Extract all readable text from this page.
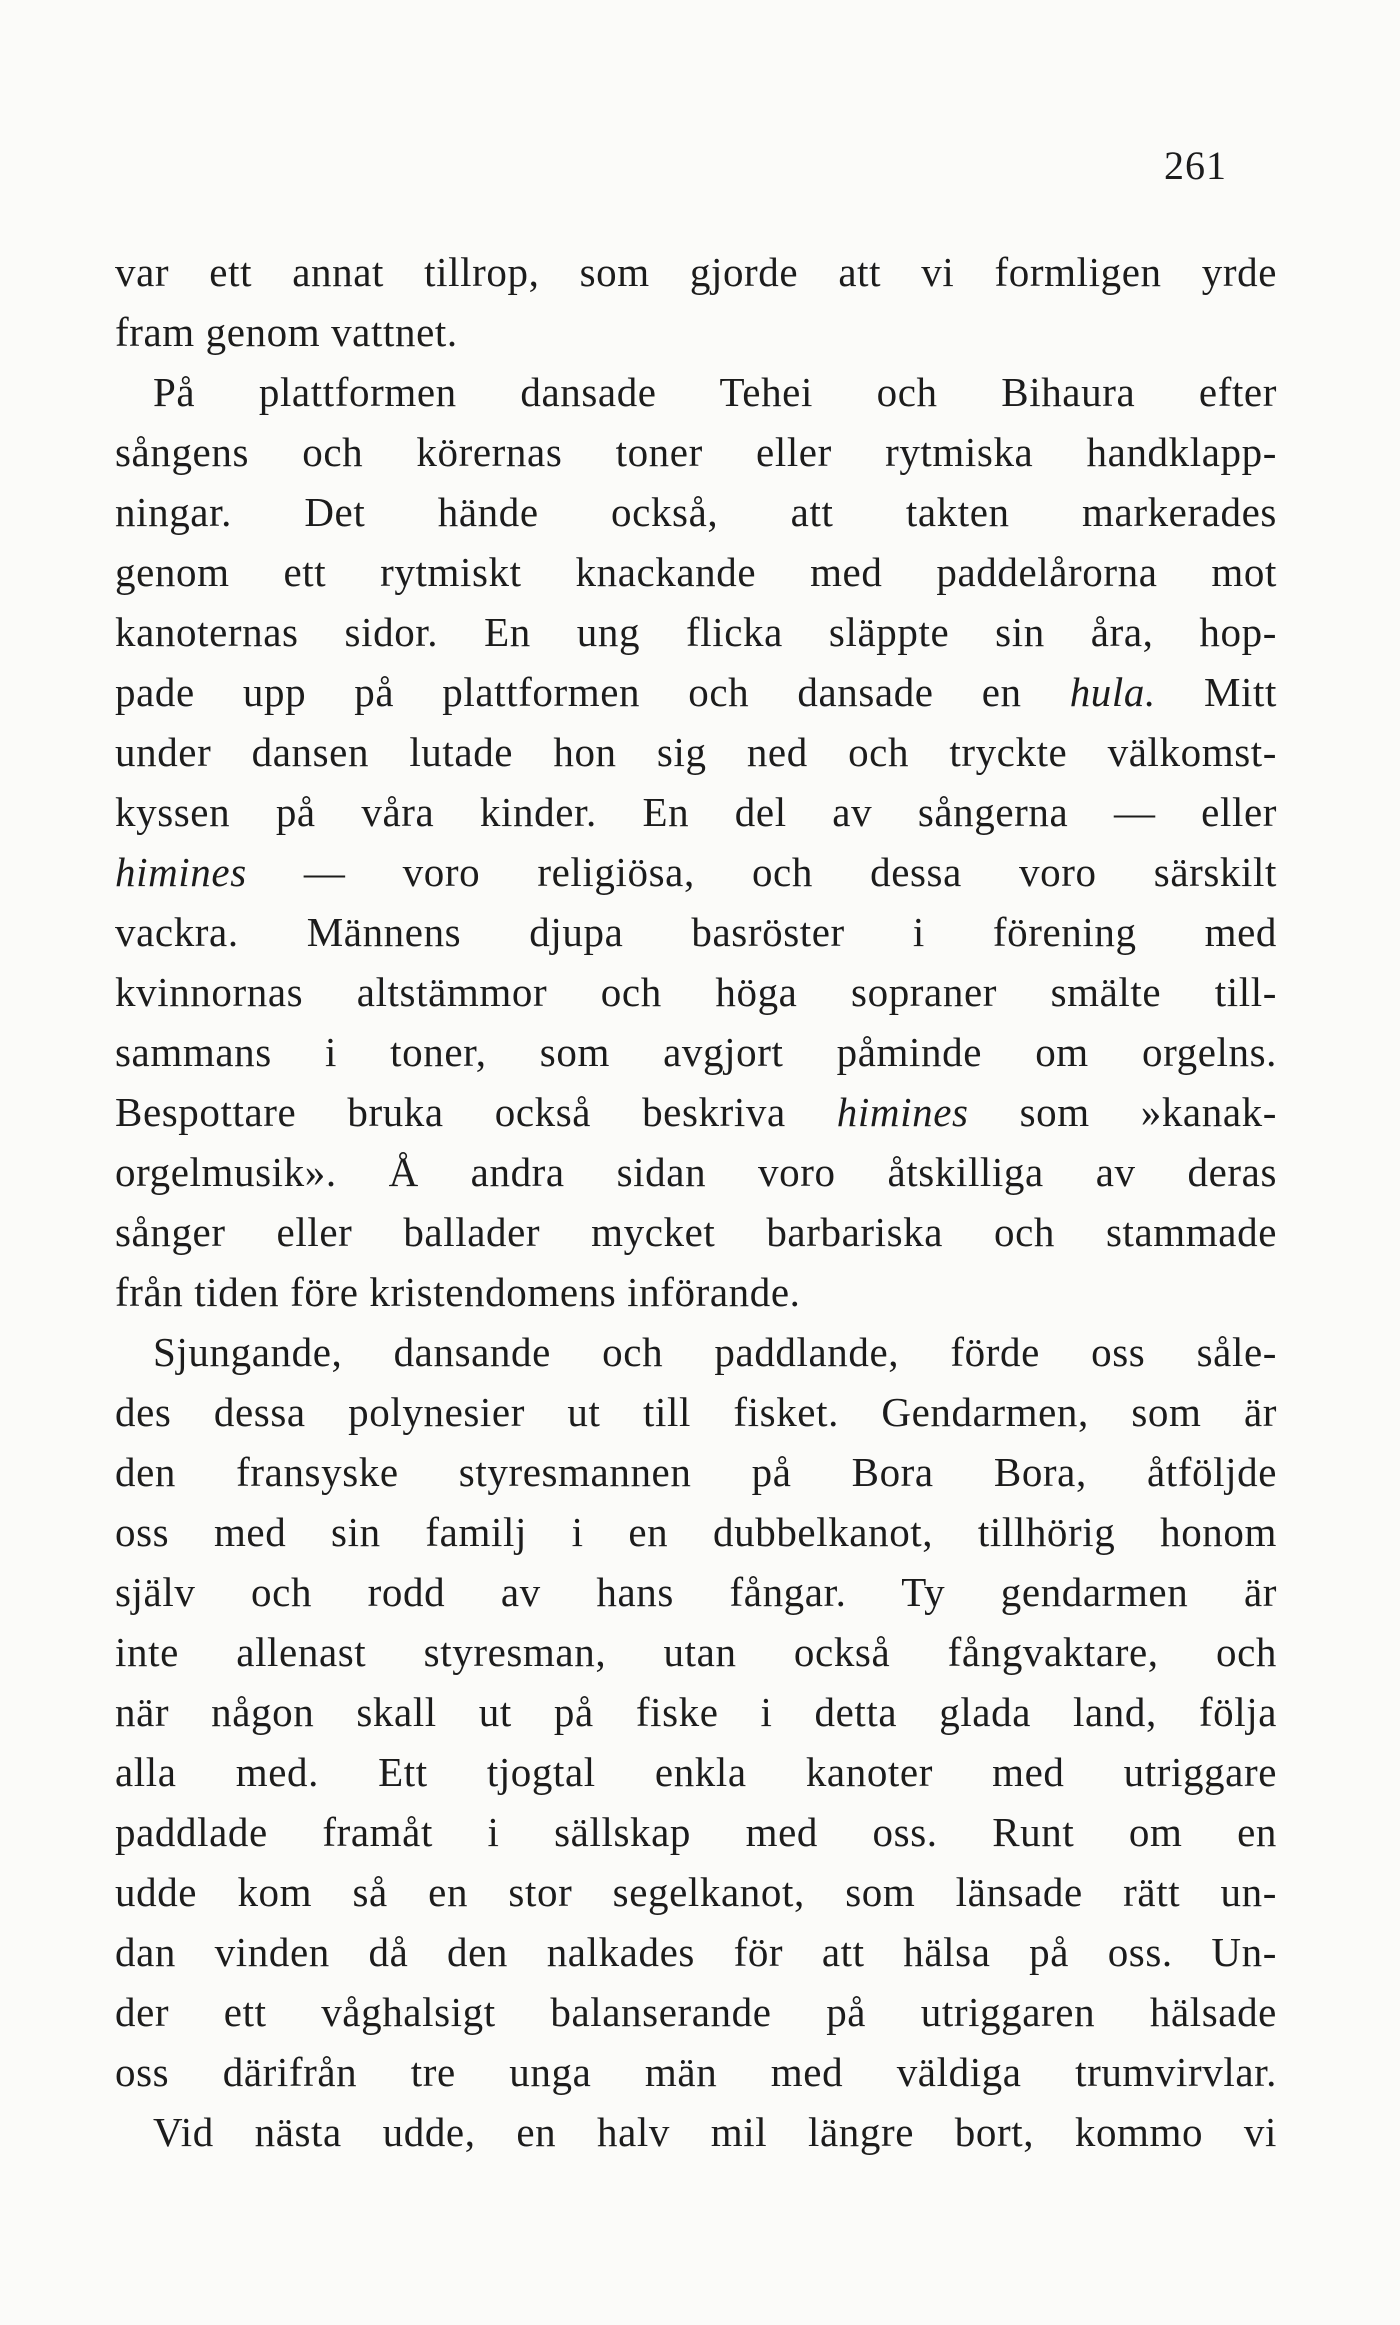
261
var ett annat tillrop, som gjorde att vi formligen yrde
fram genom vattnet.
På plattformen dansade Tehei och Bihaura efter
sångens och körernas toner eller rytmiska handklapp-
ningar. Det hände också, att takten markerades
genom ett rytmiskt knackande med paddelårorna mot
kanoternas sidor. En ung flicka släppte sin åra, hop-
pade upp på plattformen och dansade en hula. Mitt
under dansen lutade hon sig ned och tryckte välkomst-
kyssen på våra kinder. En del av sångerna — eller
himines — voro religiösa, och dessa voro särskilt
vackra. Männens djupa basröster i förening med
kvinnornas altstämmor och höga sopraner smälte till-
sammans i toner, som avgjort påminde om orgelns.
Bespottare bruka också beskriva himines som »kanak-
orgelmusik». Å andra sidan voro åtskilliga av deras
sånger eller ballader mycket barbariska och stammade
från tiden före kristendomens införande.
Sjungande, dansande och paddlande, förde oss såle-
des dessa polynesier ut till fisket. Gendarmen, som är
den fransyske styresmannen på Bora Bora, åtföljde
oss med sin familj i en dubbelkanot, tillhörig honom
själv och rodd av hans fångar. Ty gendarmen är
inte allenast styresman, utan också fångvaktare, och
när någon skall ut på fiske i detta glada land, följa
alla med. Ett tjogtal enkla kanoter med utriggare
paddlade framåt i sällskap med oss. Runt om en
udde kom så en stor segelkanot, som länsade rätt un-
dan vinden då den nalkades för att hälsa på oss. Un-
der ett våghalsigt balanserande på utriggaren hälsade
oss därifrån tre unga män med väldiga trumvirvlar.
Vid nästa udde, en halv mil längre bort, kommo vi
